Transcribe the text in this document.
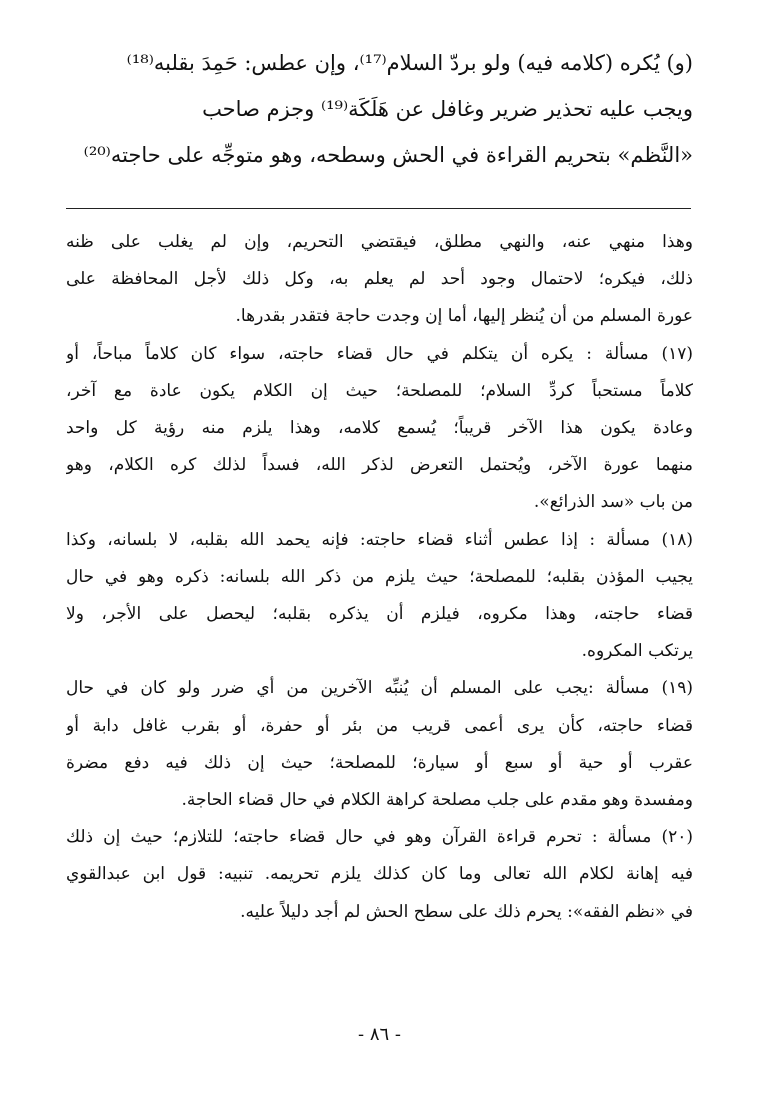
(و) يُكره (كلامه فيه) ولو بردّ السلام⁽¹⁷⁾، وإن عطس: حَمِدَ بقلبه⁽¹⁸⁾
ويجب عليه تحذير ضرير وغافل عن هَلَكَة⁽¹⁹⁾ وجزم صاحب
«النَّظم» بتحريم القراءة في الحش وسطحه، وهو متوجِّه على حاجته⁽²⁰⁾
وهذا منهي عنه، والنهي مطلق، فيقتضي التحريم، وإن لم يغلب على ظنه
ذلك، فيكره؛ لاحتمال وجود أحد لم يعلم به، وكل ذلك لأجل المحافظة على
عورة المسلم من أن يُنظر إليها، أما إن وجدت حاجة فتقدر بقدرها.
(١٧) مسألة : يكره أن يتكلم في حال قضاء حاجته، سواء كان كلاماً مباحاً، أو
كلاماً مستحباً كردِّ السلام؛ للمصلحة؛ حيث إن الكلام يكون عادة مع آخر،
وعادة يكون هذا الآخر قريباً؛ يُسمع كلامه، وهذا يلزم منه رؤية كل واحد
منهما عورة الآخر، ويُحتمل التعرض لذكر الله، فسداً لذلك كره الكلام، وهو
من باب «سد الذرائع».
(١٨) مسألة : إذا عطس أثناء قضاء حاجته: فإنه يحمد الله بقلبه، لا بلسانه، وكذا
يجيب المؤذن بقلبه؛ للمصلحة؛ حيث يلزم من ذكر الله بلسانه: ذكره وهو في حال
قضاء حاجته، وهذا مكروه، فيلزم أن يذكره بقلبه؛ ليحصل على الأجر، ولا
يرتكب المكروه.
(١٩) مسألة :يجب على المسلم أن يُنبِّه الآخرين من أي ضرر ولو كان في حال
قضاء حاجته، كأن يرى أعمى قريب من بئر أو حفرة، أو بقرب غافل دابة أو
عقرب أو حية أو سبع أو سيارة؛ للمصلحة؛ حيث إن ذلك فيه دفع مضرة
ومفسدة وهو مقدم على جلب مصلحة كراهة الكلام في حال قضاء الحاجة.
(٢٠) مسألة : تحرم قراءة القرآن وهو في حال قضاء حاجته؛ للتلازم؛ حيث إن ذلك
فيه إهانة لكلام الله تعالى وما كان كذلك يلزم تحريمه. تنبيه: قول ابن عبدالقوي
في «نظم الفقه»: يحرم ذلك على سطح الحش لم أجد دليلاً عليه.
- ٨٦ -
